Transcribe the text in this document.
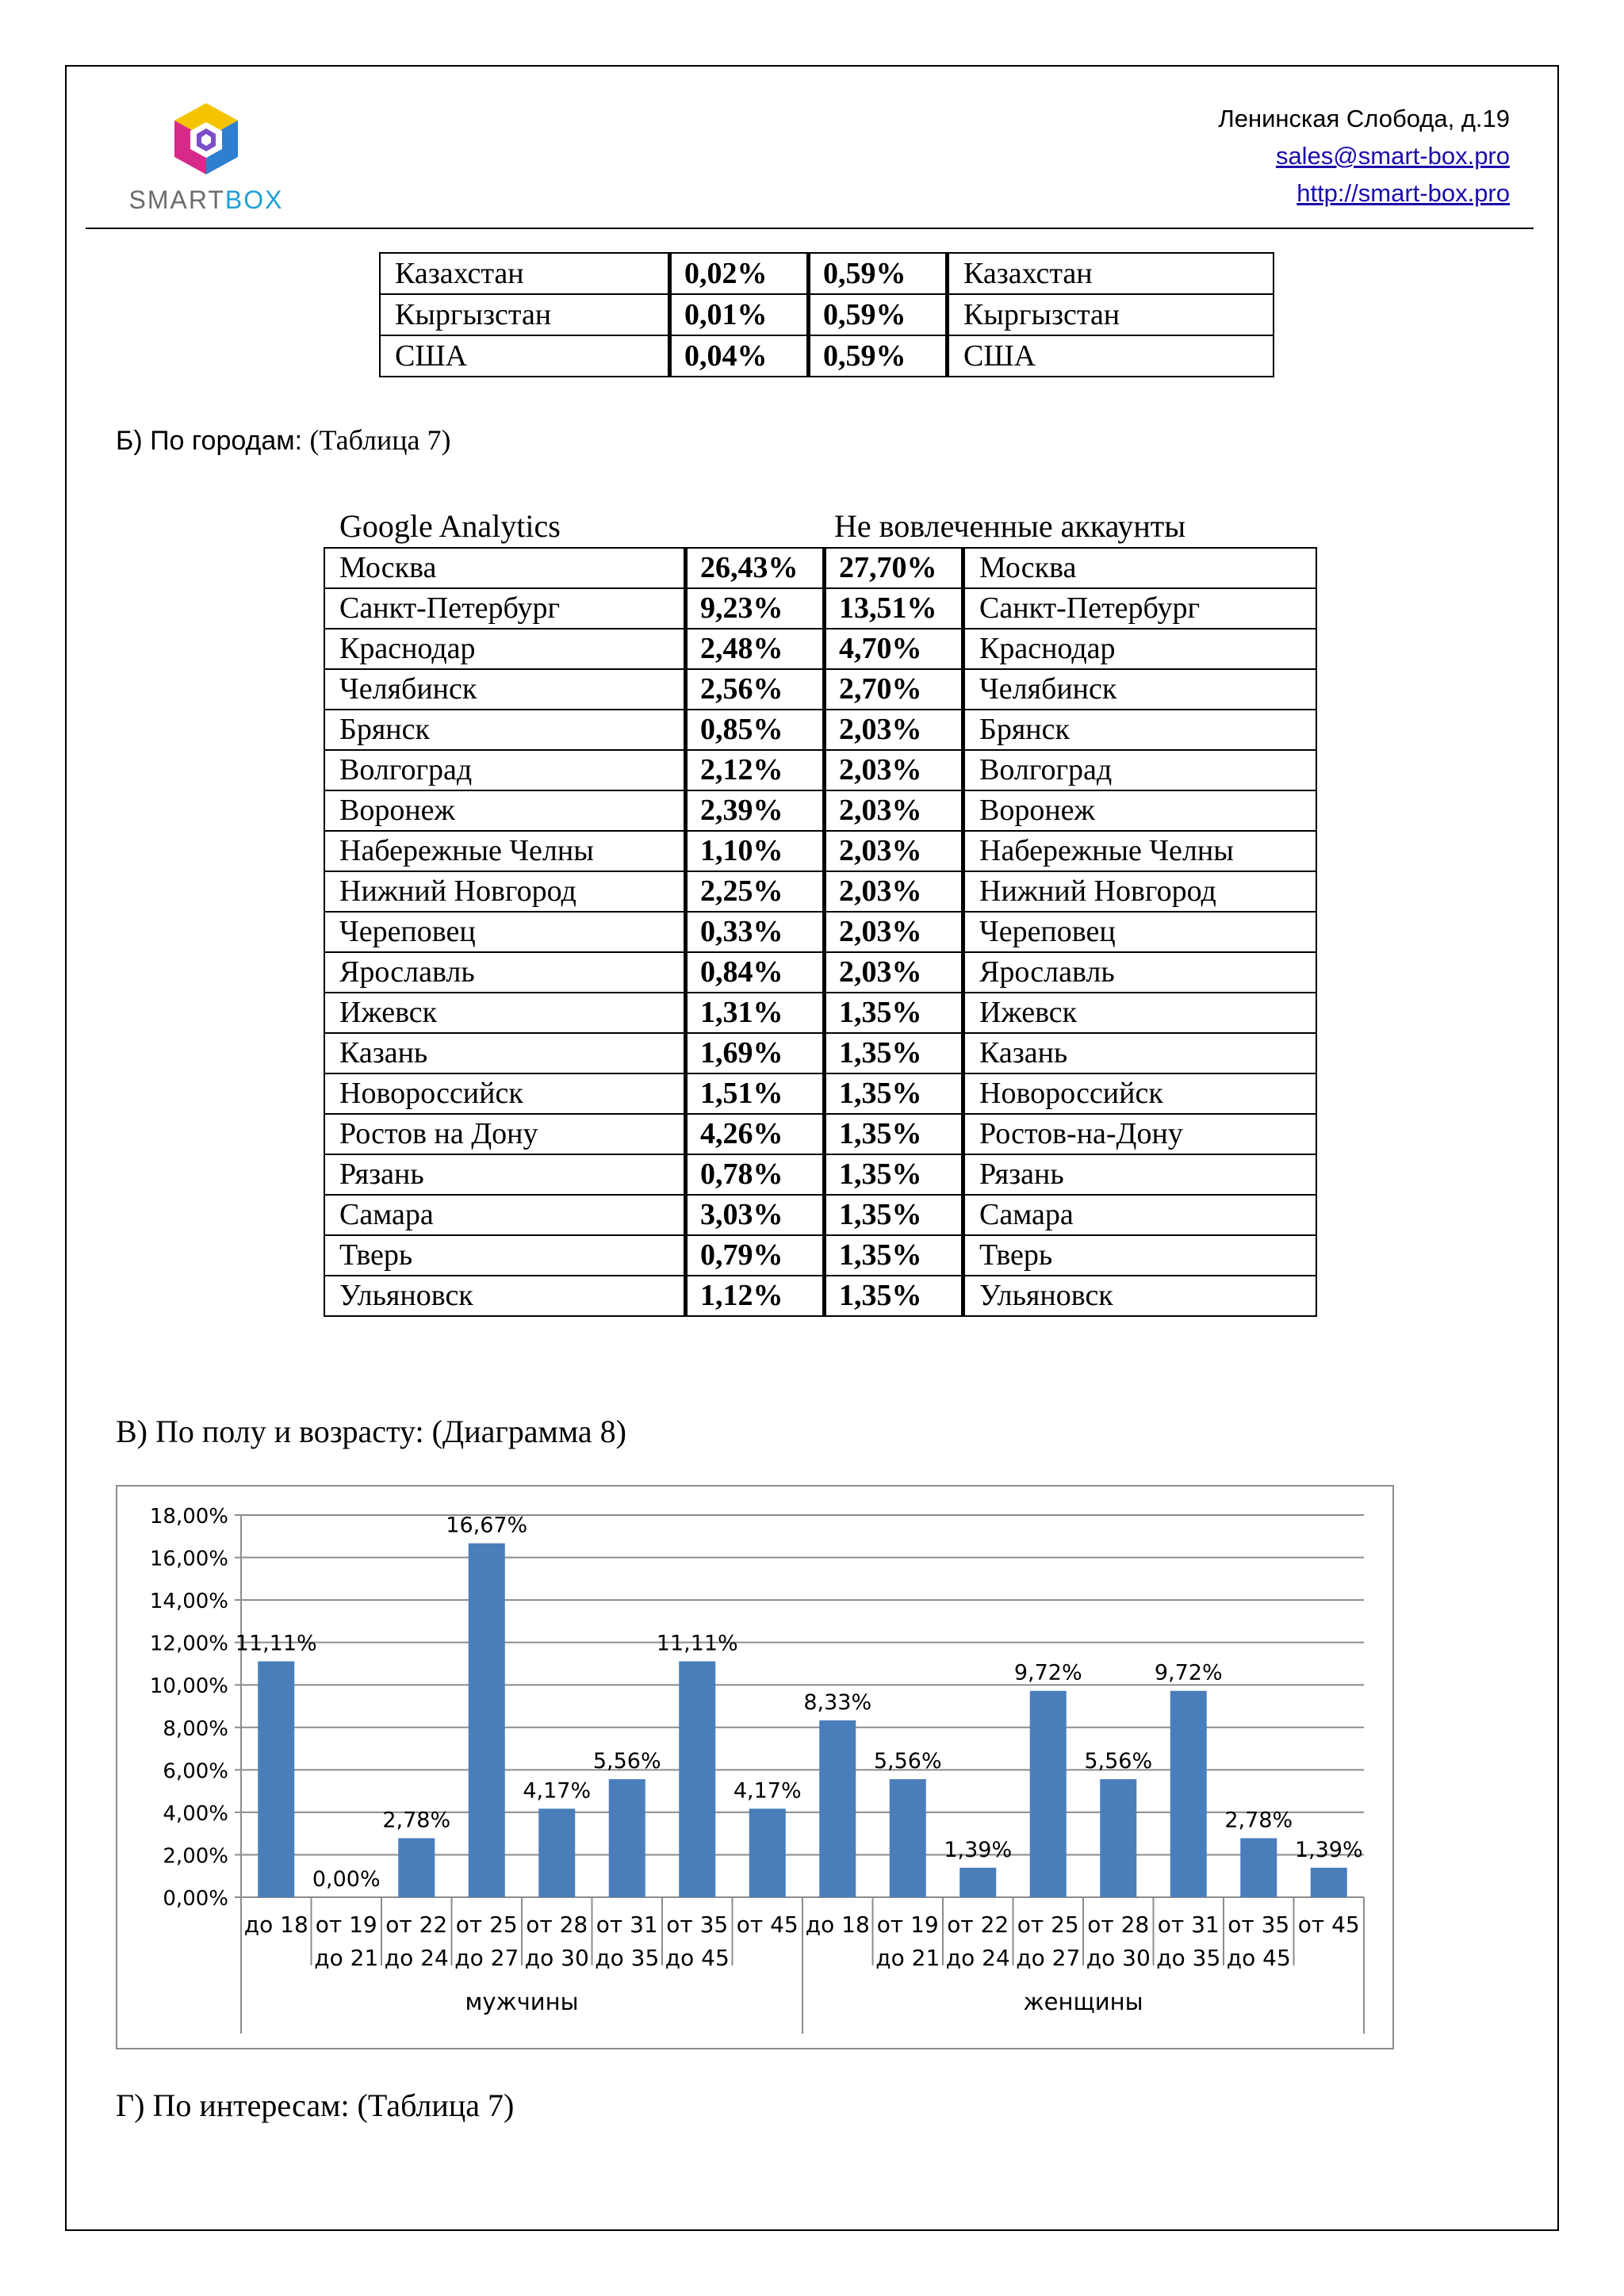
SMARTBOX
Ленинская Слобода, д.19
sales@smart-box.pro
http://smart-box.pro
Казахстан	0,02%	0,59%	Казахстан
Кыргызстан	0,01%	0,59%	Кыргызстан
США	0,04%	0,59%	США
Б) По городам: (Таблица 7)
Google Analytics	Не вовлеченные аккаунты
Москва	26,43%	27,70%	Москва
Санкт-Петербург	9,23%	13,51%	Санкт-Петербург
Краснодар	2,48%	4,70%	Краснодар
Челябинск	2,56%	2,70%	Челябинск
Брянск	0,85%	2,03%	Брянск
Волгоград	2,12%	2,03%	Волгоград
Воронеж	2,39%	2,03%	Воронеж
Набережные Челны	1,10%	2,03%	Набережные Челны
Нижний Новгород	2,25%	2,03%	Нижний Новгород
Череповец	0,33%	2,03%	Череповец
Ярославль	0,84%	2,03%	Ярославль
Ижевск	1,31%	1,35%	Ижевск
Казань	1,69%	1,35%	Казань
Новороссийск	1,51%	1,35%	Новороссийск
Ростов на Дону	4,26%	1,35%	Ростов-на-Дону
Рязань	0,78%	1,35%	Рязань
Самара	3,03%	1,35%	Самара
Тверь	0,79%	1,35%	Тверь
Ульяновск	1,12%	1,35%	Ульяновск
В) По полу и возрасту: (Диаграмма 8)
0,00%
2,00%
4,00%
6,00%
8,00%
10,00%
12,00%
14,00%
16,00%
18,00%
11,11%
0,00%
2,78%
16,67%
4,17%
5,56%
11,11%
4,17%
8,33%
5,56%
1,39%
9,72%
5,56%
9,72%
2,78%
1,39%
до 18 от 19
до 21
от 22
до 24
от 25
до 27
от 28
до 30
от 31
до 35
от 35
до 45
от 45
мужчины
до 18 от 19
до 21
от 22
до 24
от 25
до 27
от 28
до 30
от 31
до 35
от 35
до 45
от 45
женщины
Г) По интересам: (Таблица 7)
